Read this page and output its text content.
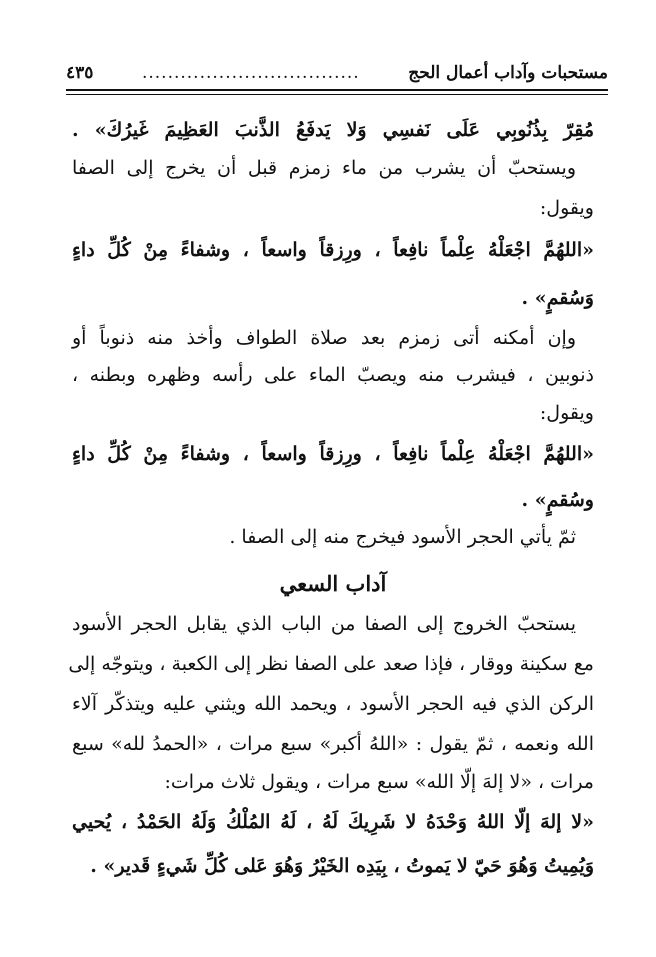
مستحبات وآداب أعمال الحج
..................................
٤٣٥
مُقِرّ بِذُنُوبِي عَلَى نَفسِي وَلا يَدفَعُ الذَّنبَ العَظِيمَ غَيرُكَ» .
ويستحبّ أن يشرب من ماء زمزم قبل أن يخرج إلى الصفا
ويقول:
«اللهُمَّ اجْعَلْهُ عِلْماً نافِعاً ، ورِزقاً واسعاً ، وشفاءً مِنْ كُلِّ داءٍ
وَسُقمٍ» .
وإن أمكنه أتى زمزم بعد صلاة الطواف وأخذ منه ذنوباً أو
ذنوبين ، فيشرب منه ويصبّ الماء على رأسه وظهره وبطنه ،
ويقول:
«اللهُمَّ اجْعَلْهُ عِلْماً نافِعاً ، ورِزقاً واسعاً ، وشفاءً مِنْ كُلِّ داءٍ
وسُقمٍ» .
ثمّ يأتي الحجر الأسود فيخرج منه إلى الصفا .
آداب السعي
يستحبّ الخروج إلى الصفا من الباب الذي يقابل الحجر الأسود
مع سكينة ووقار ، فإذا صعد على الصفا نظر إلى الكعبة ، ويتوجّه إلى
الركن الذي فيه الحجر الأسود ، ويحمد الله ويثني عليه ويتذكّر آلاء
الله ونعمه ، ثمّ يقول : «اللهُ أكبر» سبع مرات ، «الحمدُ لله» سبع
مرات ، «لا إلهَ إلّا الله» سبع مرات ، ويقول ثلاث مرات:
«لا إلهَ إلّا اللهُ وَحْدَهُ لا شَرِيكَ لَهُ ، لَهُ المُلْكُ وَلَهُ الحَمْدُ ، يُحيي
وَيُمِيتُ وَهُوَ حَيّ لا يَموتُ ، بِيَدِه الخَيْرُ وَهُوَ عَلى كُلِّ شَيءٍ قَدير» .
